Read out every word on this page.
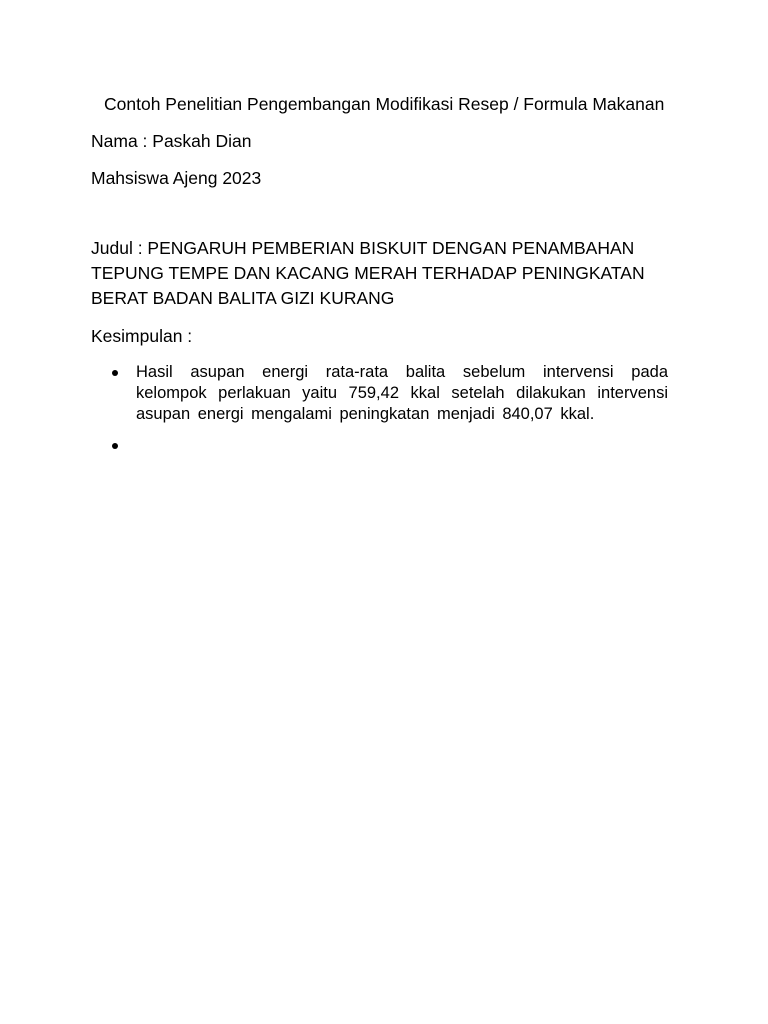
Contoh Penelitian Pengembangan Modifikasi Resep / Formula Makanan
Nama : Paskah Dian
Mahsiswa Ajeng 2023
Judul : PENGARUH PEMBERIAN BISKUIT DENGAN PENAMBAHAN TEPUNG TEMPE DAN KACANG MERAH TERHADAP PENINGKATAN BERAT BADAN BALITA GIZI KURANG
Kesimpulan :
Hasil asupan energi rata-rata balita sebelum intervensi pada kelompok perlakuan yaitu 759,42 kkal setelah dilakukan intervensi asupan energi mengalami peningkatan menjadi 840,07 kkal.
